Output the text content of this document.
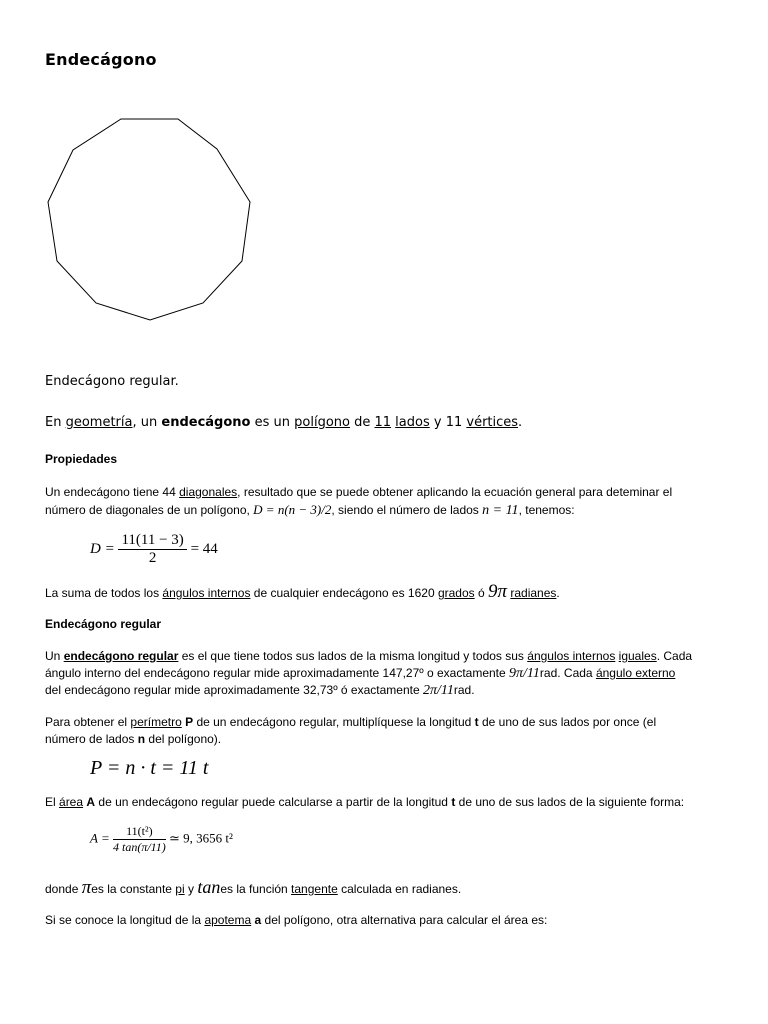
Endecágono
Endecágono regular.
En geometría, un endecágono es un polígono de 11 lados y 11 vértices.
Propiedades
Un endecágono tiene 44 diagonales, resultado que se puede obtener aplicando la ecuación general para deteminar el
número de diagonales de un polígono, D = n(n − 3)/2, siendo el número de lados n = 11, tenemos:
$D = \frac{11(11 - 3)}{2} = 44$
La suma de todos los ángulos internos de cualquier endecágono es 1620 grados ó 9π radianes.
Endecágono regular
Un endecágono regular es el que tiene todos sus lados de la misma longitud y todos sus ángulos internos iguales. Cada
ángulo interno del endecágono regular mide aproximadamente 147,27º o exactamente 9π/11rad. Cada ángulo externo
del endecágono regular mide aproximadamente 32,73º ó exactamente 2π/11rad.
Para obtener el perímetro P de un endecágono regular, multiplíquese la longitud t de uno de sus lados por once (el
número de lados n del polígono).
P = n · t = 11 t
El área A de un endecágono regular puede calcularse a partir de la longitud t de uno de sus lados de la siguiente forma:
$A = \frac{\text{11(t²)}}{4 \tan(\pi/11)}$ ≃ 9, 3656 t²
donde πes la constante pi y tanes la función tangente calculada en radianes.
Si se conoce la longitud de la apotema a del polígono, otra alternativa para calcular el área es:
